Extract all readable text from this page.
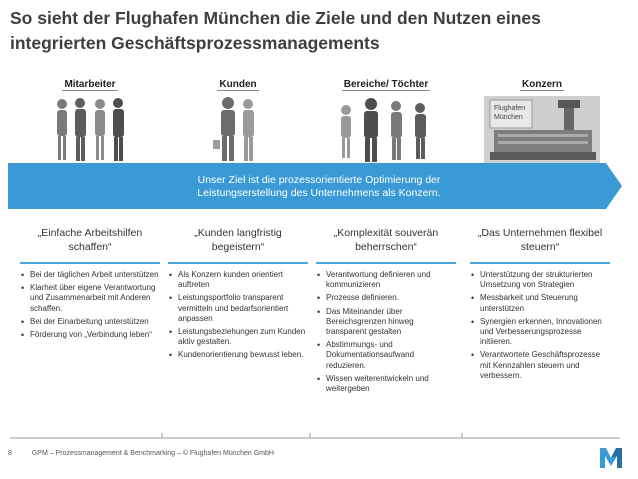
So sieht der Flughafen München die Ziele und den Nutzen eines
integrierten Geschäftsprozessmanagements
Mitarbeiter	Kunden	Bereiche/ Töchter	Konzern
Flughafen
München
Unser Ziel ist die prozessorientierte Optimierung der
Leistungserstellung des Unternehmens als Konzern.
„Einfache Arbeitshilfen
schaffen“
„Kunden langfristig
begeistern“
„Komplexität souverän
beherrschen“
„Das Unternehmen flexibel
steuern“
• Bei der täglichen Arbeit unterstützen
• Klarheit über eigene Verantwortung und Zusammenarbeit mit Anderen schaffen.
• Bei der Einarbeitung unterstützen
• Förderung von „Verbindung leben“
• Als Konzern kunden orientiert auftreten
• Leistungsportfolio transparent vermitteln und bedarfsorientiert anpassen
• Leistungsbeziehungen zum Kunden aktiv gestalten.
• Kundenorientierung bewusst leben.
• Verantwortung definieren und kommunizieren
• Prozesse definieren.
• Das Miteinander über Bereichsgrenzen hinweg transparent gestalten
• Abstimmungs- und Dokumentationsaufwand reduzieren.
• Wissen weiterentwickeln und weitergeben
• Unterstützung der strukturierten Umsetzung von Strategien
• Messbarkeit und Steuerung unterstützen
• Synergien erkennen, Innovationen und Verbesserungsprozesse initiieren.
• Verantwortete Geschäftsprozesse mit Kennzahlen steuern und verbessern.
8	GPM – Prozessmanagement & Benchmarking – © Flughafen München GmbH
